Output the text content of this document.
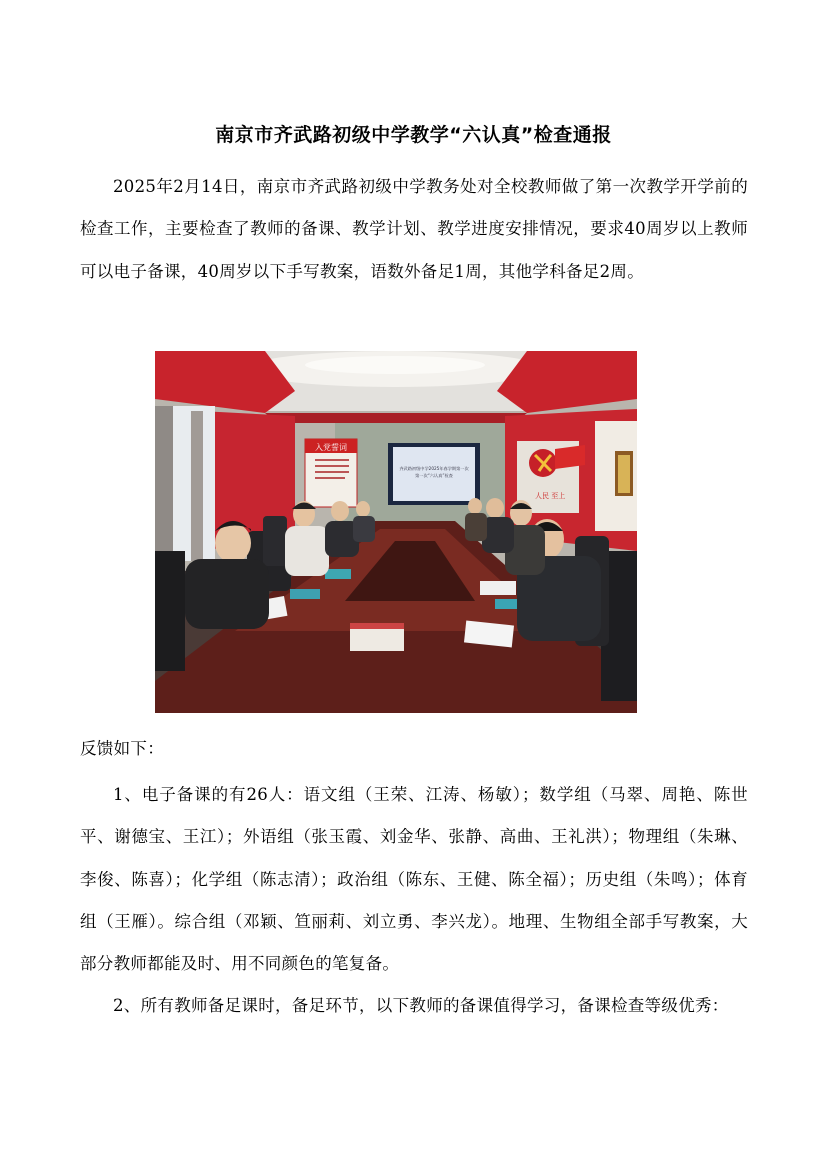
南京市齐武路初级中学教学“六认真”检查通报
2025年2月14日，南京市齐武路初级中学教务处对全校教师做了第一次教学开学前的检查工作，主要检查了教师的备课、教学计划、教学进度安排情况，要求40周岁以上教师可以电子备课，40周岁以下手写教案，语数外备足1周，其他学科备足2周。
入党誓词
齐武路初级中学2025年春学期第一次
第一次“六认真”检查
人民 至上
反馈如下：
1、电子备课的有26人：语文组（王荣、江涛、杨敏）；数学组（马翠、周艳、陈世平、谢德宝、王江）；外语组（张玉霞、刘金华、张静、高曲、王礼洪）；物理组（朱琳、李俊、陈喜）；化学组（陈志清）；政治组（陈东、王健、陈全福）；历史组（朱鸣）；体育组（王雁）。综合组（邓颖、笪丽莉、刘立勇、李兴龙）。地理、生物组全部手写教案，大部分教师都能及时、用不同颜色的笔复备。
2、所有教师备足课时，备足环节，以下教师的备课值得学习，备课检查等级优秀：
